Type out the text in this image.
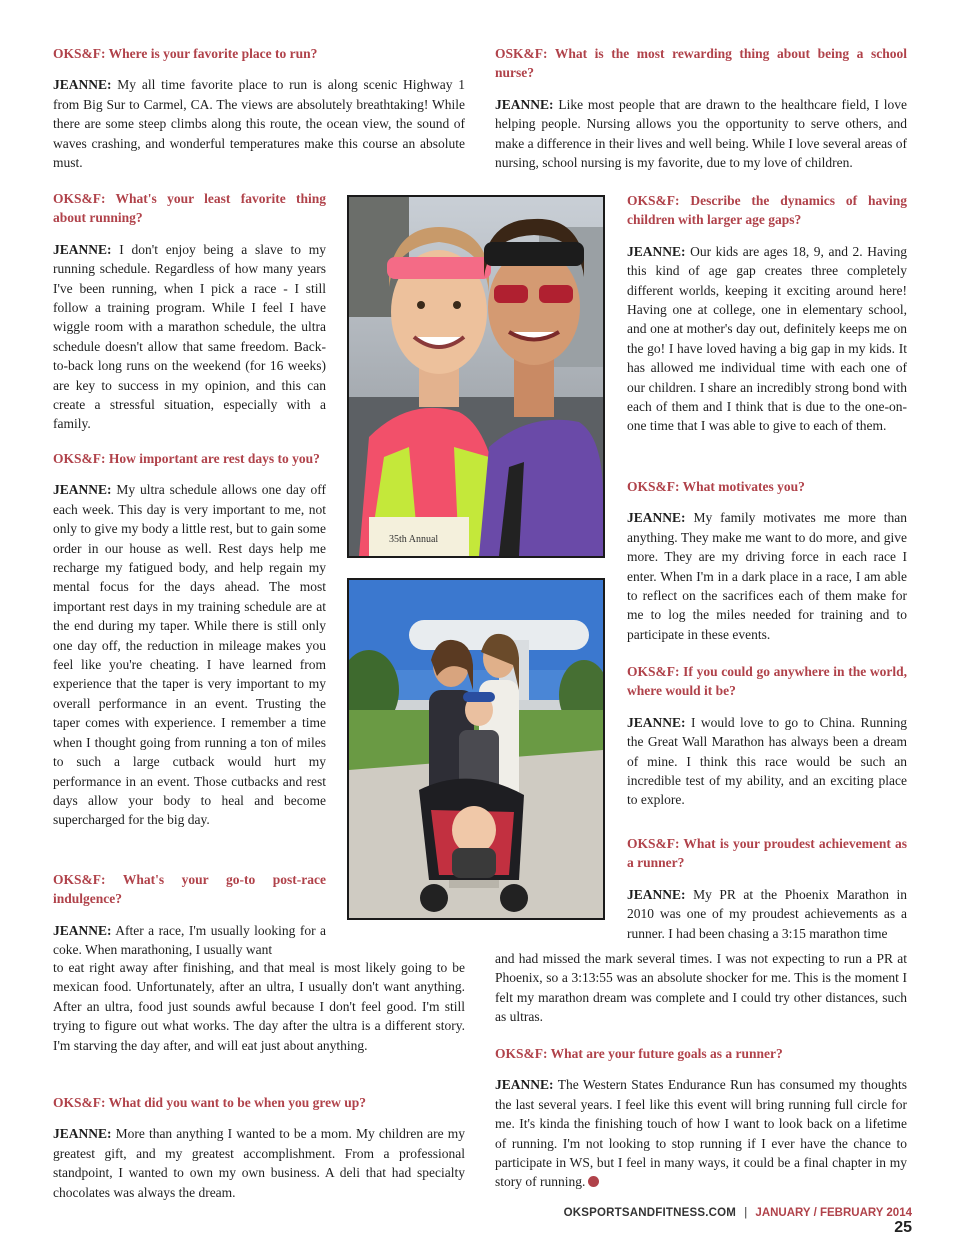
OKS&F: Where is your favorite place to run?

JEANNE: My all time favorite place to run is along scenic Highway 1 from Big Sur to Carmel, CA. The views are absolutely breathtaking! While there are some steep climbs along this route, the ocean view, the sound of waves crashing, and wonderful temperatures make this course an absolute must.

OKS&F: What's your least favorite thing about running?

JEANNE: I don't enjoy being a slave to my running schedule. Regardless of how many years I've been running, when I pick a race - I still follow a training program. While I feel I have wiggle room with a marathon schedule, the ultra schedule doesn't allow that same freedom. Back-to-back long runs on the weekend (for 16 weeks) are key to success in my opinion, and this can create a stressful situation, especially with a family.

OKS&F: How important are rest days to you?

JEANNE: My ultra schedule allows one day off each week. This day is very important to me, not only to give my body a little rest, but to gain some order in our house as well. Rest days help me recharge my fatigued body, and help regain my mental focus for the days ahead. The most important rest days in my training schedule are at the end during my taper. While there is still only one day off, the reduction in mileage makes you feel like you're cheating. I have learned from experience that the taper is very important to my overall performance in an event. Trusting the taper comes with experience. I remember a time when I thought going from running a ton of miles to such a large cutback would hurt my performance in an event. Those cutbacks and rest days allow your body to heal and become supercharged for the big day.

OKS&F: What's your go-to post-race indulgence?

JEANNE: After a race, I'm usually looking for a coke. When marathoning, I usually want

to eat right away after finishing, and that meal is most likely going to be mexican food. Unfortunately, after an ultra, I usually don't want anything. After an ultra, food just sounds awful because I don't feel good. I'm still trying to figure out what works. The day after the ultra is a different story. I'm starving the day after, and will eat just about anything.

OKS&F: What did you want to be when you grew up?

JEANNE: More than anything I wanted to be a mom. My children are my greatest gift, and my greatest accomplishment. From a professional standpoint, I wanted to own my own business. A deli that had specialty chocolates was always the dream.

35th Annual

OSK&F: What is the most rewarding thing about being a school nurse?

JEANNE: Like most people that are drawn to the healthcare field, I love helping people. Nursing allows you the opportunity to serve others, and make a difference in their lives and well being. While I love several areas of nursing, school nursing is my favorite, due to my love of children.

OKS&F: Describe the dynamics of having children with larger age gaps?

JEANNE: Our kids are ages 18, 9, and 2. Having this kind of age gap creates three completely different worlds, keeping it exciting around here! Having one at college, one in elementary school, and one at mother's day out, definitely keeps me on the go! I have loved having a big gap in my kids. It has allowed me individual time with each one of our children. I share an incredibly strong bond with each of them and I think that is due to the one-on-one time that I was able to give to each of them.

OKS&F: What motivates you?

JEANNE: My family motivates me more than anything. They make me want to do more, and give more. They are my driving force in each race I enter. When I'm in a dark place in a race, I am able to reflect on the sacrifices each of them make for me to log the miles needed for training and to participate in these events.

OKS&F: If you could go anywhere in the world, where would it be?

JEANNE: I would love to go to China. Running the Great Wall Marathon has always been a dream of mine. I think this race would be such an incredible test of my ability, and an exciting place to explore.

OKS&F: What is your proudest achievement as a runner?

JEANNE: My PR at the Phoenix Marathon in 2010 was one of my proudest achievements as a runner. I had been chasing a 3:15 marathon time

and had missed the mark several times. I was not expecting to run a PR at Phoenix, so a 3:13:55 was an absolute shocker for me. This is the moment I felt my marathon dream was complete and I could try other distances, such as ultras.

OKS&F: What are your future goals as a runner?

JEANNE: The Western States Endurance Run has consumed my thoughts the last several years. I feel like this event will bring running full circle for me. It's kinda the finishing touch of how I want to look back on a lifetime of running. I'm not looking to stop running if I ever have the chance to participate in WS, but I feel in many ways, it could be a final chapter in my story of running.

OKSPORTSANDFITNESS.COM | JANUARY / FEBRUARY 2014 25
